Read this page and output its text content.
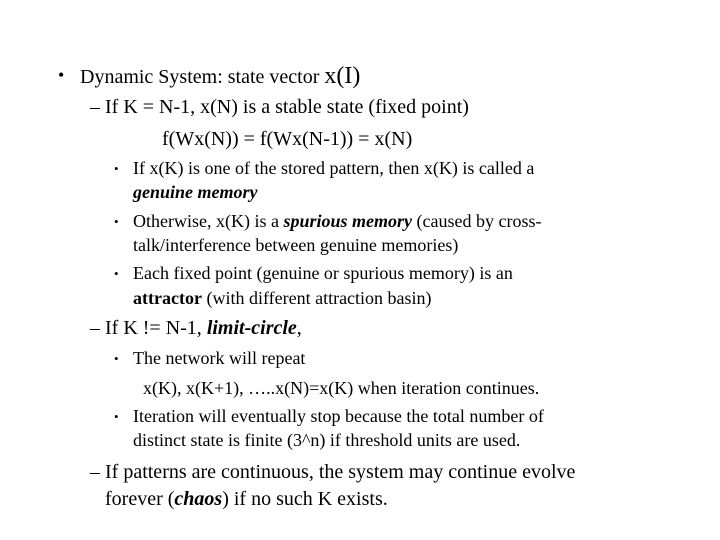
• Dynamic System: state vector x(I)
– If K = N-1, x(N) is a stable state (fixed point)
f(Wx(N)) = f(Wx(N-1)) = x(N)
• If x(K) is one of the stored pattern, then x(K) is called a
genuine memory
• Otherwise, x(K) is a spurious memory (caused by cross-
talk/interference between genuine memories)
• Each fixed point (genuine or spurious memory) is an
attractor (with different attraction basin)
– If K != N-1, limit-circle,
• The network will repeat
x(K), x(K+1), …..x(N)=x(K) when iteration continues.
• Iteration will eventually stop because the total number of
distinct state is finite (3^n) if threshold units are used.
– If patterns are continuous, the system may continue evolve
forever (chaos) if no such K exists.
